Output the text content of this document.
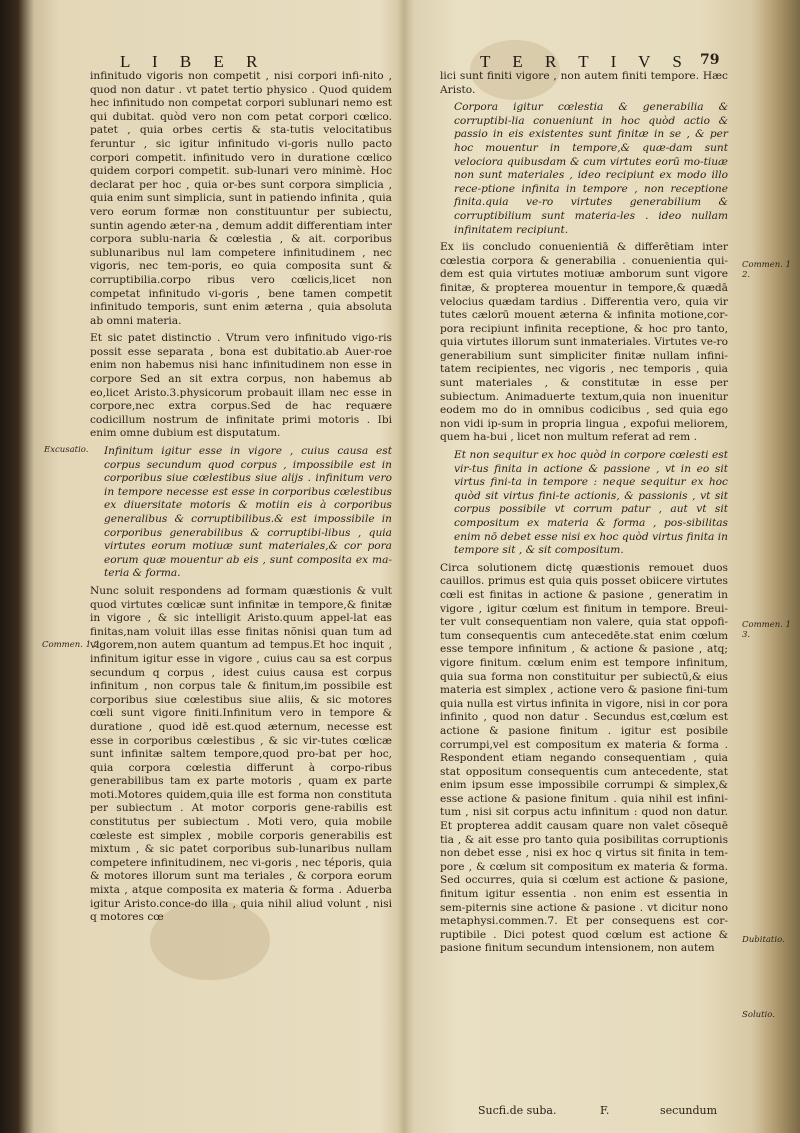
L I B E R	T E R T I V S 79

infinitudo vigoris non competit , nisi corpori infi-nito , quod non datur . vt patet tertio physico . Quod quidem hec infinitudo non competat corpori sublunari nemo est qui dubitat. quòd vero non com petat corpori cœlico. patet , quia orbes certis & sta-tutis velocitatibus feruntur , sic igitur infinitudo vi-goris nullo pacto corpori competit. infinitudo vero in duratione cœlico quidem corpori competit. sub-lunari vero minimè. Hoc declarat per hoc , quia or-bes sunt corpora simplicia , quia enim sunt simplicia, sunt in patiendo infinita , quia vero eorum formæ non constituuntur per subiectu, suntin agendo æter-na , demum addit differentiam inter corpora sublu-naria & cœlestia , & ait. corporibus sublunaribus nul lam competere infinitudinem , nec vigoris, nec tem-poris, eo quia composita sunt & corruptibilia.corpo ribus vero cœlicis,licet non competat infinitudo vi-goris , bene tamen competit infinitudo temporis, sunt enim æterna , quia absoluta ab omni materia.

Et sic patet distinctio . Vtrum vero infinitudo vigo-ris possit esse separata , bona est dubitatio.ab Auer-roe enim non habemus nisi hanc infinitudinem non esse in corpore Sed an sit extra corpus, non habemus ab eo,licet Aristo.3.physicorum probauit illam nec esse in corpore,nec extra corpus.Sed de hac requære codicillum nostrum de infinitate primi motoris . Ibi enim omne dubium est disputatum.

Infinitum igitur esse in vigore , cuius causa est corpus secundum quod corpus , impossibile est in corporibus siue cœlestibus siue alijs . infinitum vero in tempore necesse est esse in corporibus cœlestibus ex diuersitate motoris & motiin eis à corporibus generalibus & corruptibilibus.& est impossibile in corporibus generabilibus & corruptibi-libus , quia virtutes eorum motiuæ sunt materiales,& cor pora eorum quæ mouentur ab eis , sunt composita ex ma-teria & forma.

Nunc soluit respondens ad formam quæstionis & vult quod virtutes cœlicæ sunt infinitæ in tempore,& finitæ in vigore , & sic intelligit Aristo.quum appel-lat eas finitas,nam voluit illas esse finitas nõnisi quan tum ad vigorem,non autem quantum ad tempus.Et hoc inquit , infinitum igitur esse in vigore , cuius cau sa est corpus secundum q corpus , idest cuius causa est corpus infinitum , non corpus tale & finitum,im possibile est corporibus siue cœlestibus siue aliis, & sic motores cœli sunt vigore finiti.Infinitum vero in tempore & duratione , quod idē est.quod æternum, necesse est esse in corporibus cœlestibus , & sic vir-tutes cœlicæ sunt infinitæ saltem tempore,quod pro-bat per hoc, quia corpora cœlestia differunt à corpo-ribus generabilibus tam ex parte motoris , quam ex parte moti.Motores quidem,quia ille est forma non constituta per subiectum . At motor corporis gene-rabilis est constitutus per subiectum . Moti vero, quia mobile cœleste est simplex , mobile corporis generabilis est mixtum , & sic patet corporibus sub-lunaribus nullam competere infinitudinem, nec vi-goris , nec téporis, quia & motores illorum sunt ma teriales , & corpora eorum mixta , atque composita ex materia & forma . Aduerba igitur Aristo.conce-do illa , quia nihil aliud volunt , nisi q motores cœ

lici sunt finiti vigore , non autem finiti tempore. Hæc Aristo.

Corpora igitur cœlestia & generabilia & corruptibi-lia conueniunt in hoc quòd actio & passio in eis existentes sunt finitæ in se , & per hoc mouentur in tempore,& quæ-dam sunt velociora quibusdam & cum virtutes eorū mo-tiuæ non sunt materiales , ideo recipiunt ex modo illo rece-ptione infinita in tempore , non receptione finita.quia ve-ro virtutes generabilium & corruptibilium sunt materia-les . ideo nullam infinitatem recipiunt.

Ex iis concludo conuenientiā & differētiam inter cœlestia corpora & generabilia . conuenientia qui-dem est quia virtutes motiuæ amborum sunt vigore finitæ, & propterea mouentur in tempore,& quædā velocius quædam tardius . Differentia vero, quia vir tutes cælorū mouent æterna & infinita motione,cor-pora recipiunt infinita receptione, & hoc pro tanto, quia virtutes illorum sunt inmateriales. Virtutes ve-ro generabilium sunt simpliciter finitæ nullam infini-tatem recipientes, nec vigoris , nec temporis , quia sunt materiales , & constitutæ in esse per subiectum. Animaduerte textum,quia non inuenitur eodem mo do in omnibus codicibus , sed quia ego non vidi ip-sum in propria lingua , expofui meliorem, quem ha-bui , licet non multum referat ad rem .

Et non sequitur ex hoc quòd in corpore cœlesti est vir-tus finita in actione & passione , vt in eo sit virtus fini-ta in tempore : neque sequitur ex hoc quòd sit virtus fini-te actionis, & passionis , vt sit corpus possibile vt corrum patur , aut vt sit compositum ex materia & forma , pos-sibilitas enim nō debet esse nisi ex hoc quòd virtus finita in tempore sit , & sit compositum.

Circa solutionem dictę quæstionis remouet duos cauillos. primus est quia quis posset obiicere virtutes cœli est finitas in actione & pasione , generatim in vigore , igitur cœlum est finitum in tempore. Breui-ter vult consequentiam non valere, quia stat oppofi-tum consequentis cum antecedēte.stat enim cœlum esse tempore infinitum , & actione & pasione , atq; vigore finitum. cœlum enim est tempore infinitum, quia sua forma non constituitur per subiectū,& eius materia est simplex , actione vero & pasione fini-tum quia nulla est virtus infinita in vigore, nisi in cor pora infinito , quod non datur . Secundus est,cœlum est actione & pasione finitum . igitur est posibile corrumpi,vel est compositum ex materia & forma . Respondent etiam negando consequentiam , quia stat oppositum consequentis cum antecedente, stat enim ipsum esse impossibile corrumpi & simplex,& esse actione & pasione finitum . quia nihil est infini-tum , nisi sit corpus actu infinitum : quod non datur. Et propterea addit causam quare non valet cōsequē tia , & ait esse pro tanto quia posibilitas corruptionis non debet esse , nisi ex hoc q virtus sit finita in tem-pore , & cœlum sit compositum ex materia & forma. Sed occurres, quia si cœlum est actione & pasione, finitum igitur essentia . non enim est essentia in sem-piternis sine actione & pasione . vt dicitur nono metaphysi.commen.7. Et per consequens est cor-ruptibile . Dici potest quod cœlum est actione & pasione finitum secundum intensionem, non autem

Excusatio.
Commen. 1 2.
Commen. 1 2.
Commen. 1 3.
Dubitatio.
Solutio.
Sucfi.de suba.	F.	secundum
